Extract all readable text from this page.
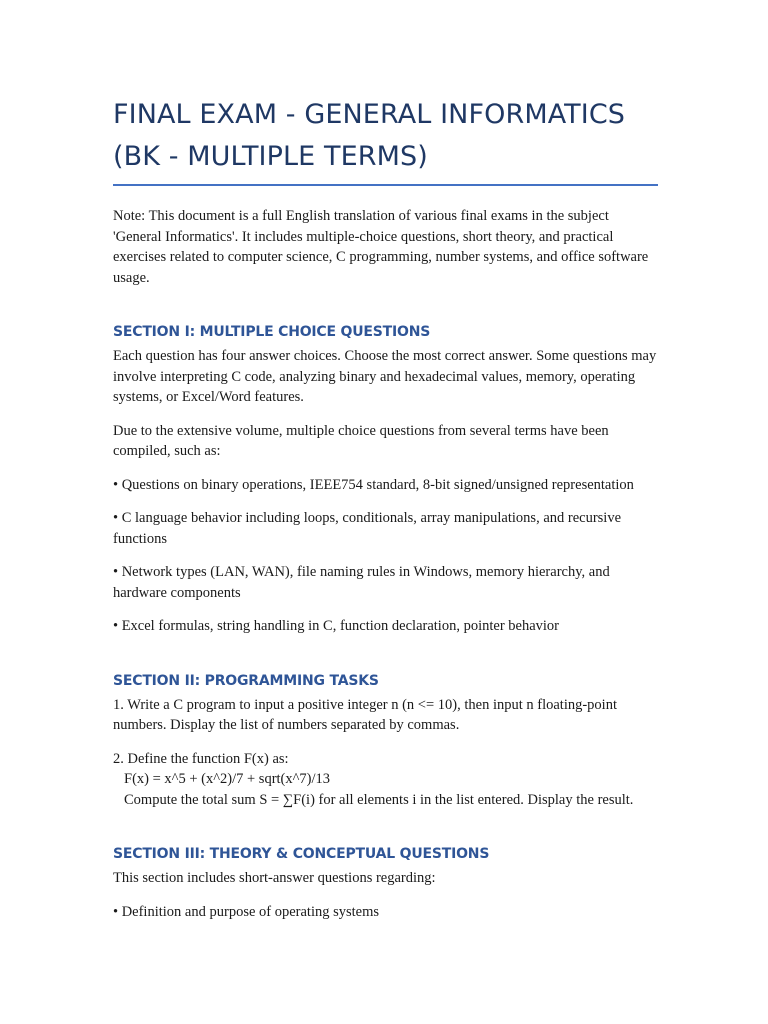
FINAL EXAM - GENERAL INFORMATICS
(BK - MULTIPLE TERMS)

Note: This document is a full English translation of various final exams in the subject 'General Informatics'. It includes multiple-choice questions, short theory, and practical exercises related to computer science, C programming, number systems, and office software usage.

SECTION I: MULTIPLE CHOICE QUESTIONS

Each question has four answer choices. Choose the most correct answer. Some questions may involve interpreting C code, analyzing binary and hexadecimal values, memory, operating systems, or Excel/Word features.

Due to the extensive volume, multiple choice questions from several terms have been compiled, such as:

• Questions on binary operations, IEEE754 standard, 8-bit signed/unsigned representation

• C language behavior including loops, conditionals, array manipulations, and recursive functions

• Network types (LAN, WAN), file naming rules in Windows, memory hierarchy, and hardware components

• Excel formulas, string handling in C, function declaration, pointer behavior

SECTION II: PROGRAMMING TASKS

1. Write a C program to input a positive integer n (n <= 10), then input n floating-point numbers. Display the list of numbers separated by commas.

2. Define the function F(x) as:
F(x) = x^5 + (x^2)/7 + sqrt(x^7)/13
Compute the total sum S = ∑F(i) for all elements i in the list entered. Display the result.

SECTION III: THEORY & CONCEPTUAL QUESTIONS

This section includes short-answer questions regarding:

• Definition and purpose of operating systems
